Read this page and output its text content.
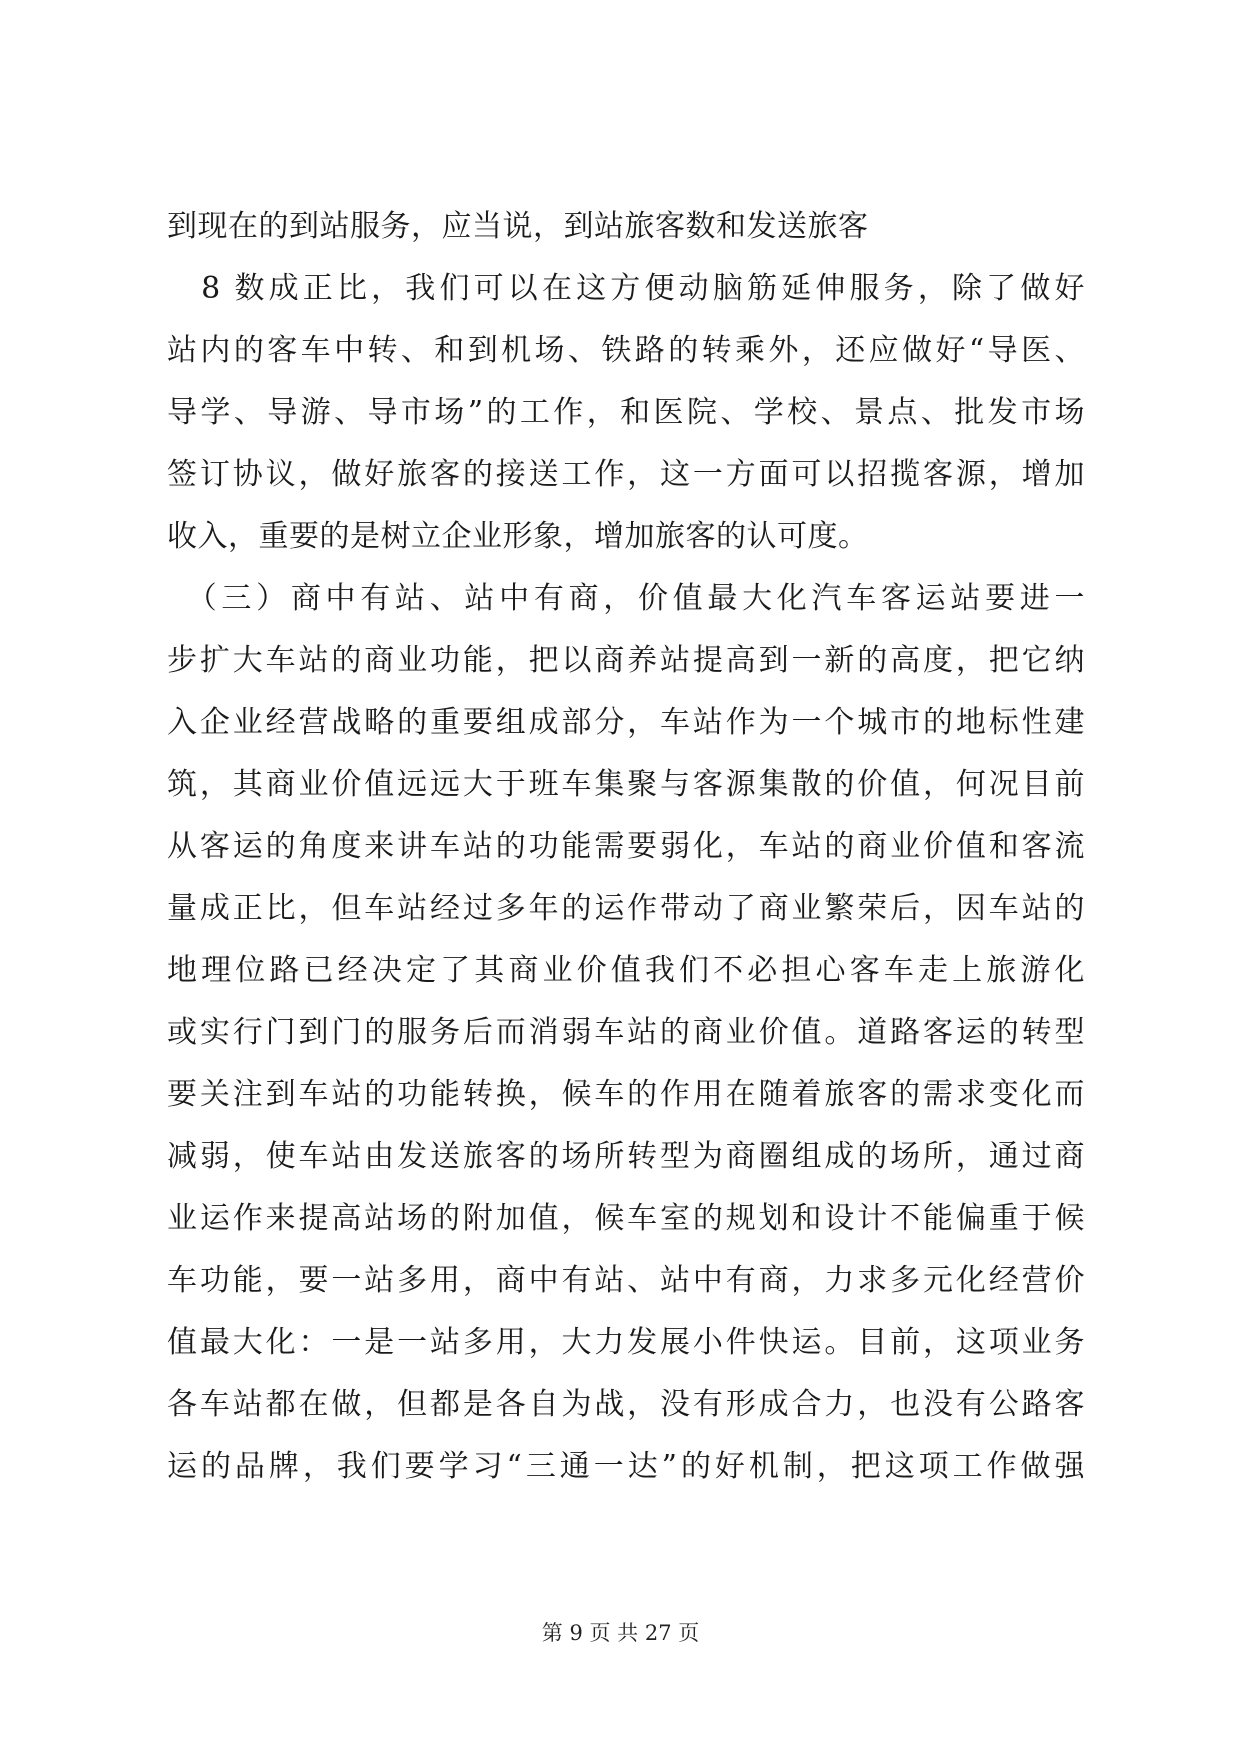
到现在的到站服务，应当说，到站旅客数和发送旅客
　8 数成正比，我们可以在这方便动脑筋延伸服务，除了做好
站内的客车中转、和到机场、铁路的转乘外，还应做好“导医、
导学、导游、导市场”的工作，和医院、学校、景点、批发市场
签订协议，做好旅客的接送工作，这一方面可以招揽客源，增加
收入，重要的是树立企业形象，增加旅客的认可度。
　（三）商中有站、站中有商，价值最大化汽车客运站要进一
步扩大车站的商业功能，把以商养站提高到一新的高度，把它纳
入企业经营战略的重要组成部分，车站作为一个城市的地标性建
筑，其商业价值远远大于班车集聚与客源集散的价值，何况目前
从客运的角度来讲车站的功能需要弱化，车站的商业价值和客流
量成正比，但车站经过多年的运作带动了商业繁荣后，因车站的
地理位路已经决定了其商业价值我们不必担心客车走上旅游化
或实行门到门的服务后而消弱车站的商业价值。道路客运的转型
要关注到车站的功能转换，候车的作用在随着旅客的需求变化而
减弱，使车站由发送旅客的场所转型为商圈组成的场所，通过商
业运作来提高站场的附加值，候车室的规划和设计不能偏重于候
车功能，要一站多用，商中有站、站中有商，力求多元化经营价
值最大化：一是一站多用，大力发展小件快运。目前，这项业务
各车站都在做，但都是各自为战，没有形成合力，也没有公路客
运的品牌，我们要学习“三通一达”的好机制，把这项工作做强
第 9 页 共 27 页
